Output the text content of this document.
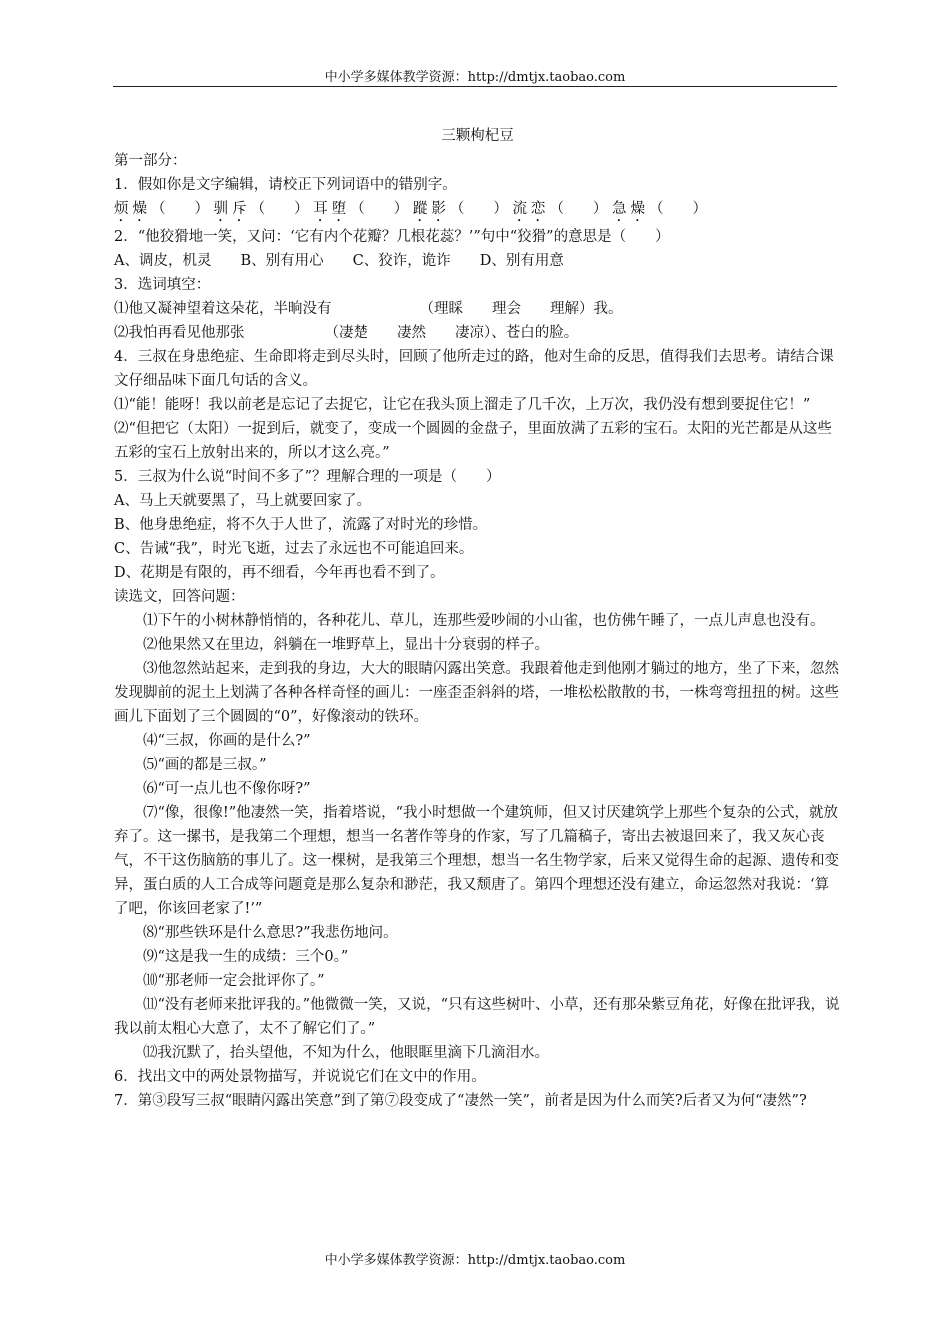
中小学多媒体教学资源：http://dmtjx.taobao.com
三颗枸杞豆
第一部分：
1．假如你是文字编辑，请校正下列词语中的错别字。
烦燥（　　） 驯斥（　　） 耳堕（　　） 蹤影（　　） 流恋（　　） 急燥（　　）
2．“他狡猾地一笑，又问：‘它有内个花瓣？几根花蕊？’”句中“狡猾”的意思是（　　）
A、调皮，机灵　　B、别有用心　　C、狡诈，诡诈　　D、别有用意
3．选词填空：
⑴他又凝神望着这朵花，半晌没有	（理睬　　理会　　理解）我。
⑵我怕再看见他那张	（凄楚　　凄然　　凄凉）、苍白的脸。
4．三叔在身患绝症、生命即将走到尽头时，回顾了他所走过的路，他对生命的反思，值得我们去思考。请结合课文仔细品味下面几句话的含义。
⑴“能！能呀！我以前老是忘记了去捉它，让它在我头顶上溜走了几千次，上万次，我仍没有想到要捉住它！”
⑵“但把它（太阳）一捉到后，就变了，变成一个圆圆的金盘子，里面放满了五彩的宝石。太阳的光芒都是从这些五彩的宝石上放射出来的，所以才这么亮。”
5．三叔为什么说“时间不多了”？理解合理的一项是（　　）
A、马上天就要黑了，马上就要回家了。
B、他身患绝症，将不久于人世了，流露了对时光的珍惜。
C、告诫“我”，时光飞逝，过去了永远也不可能追回来。
D、花期是有限的，再不细看，今年再也看不到了。
读选文，回答问题：
⑴下午的小树林静悄悄的，各种花儿、草儿，连那些爱吵闹的小山雀，也仿佛午睡了，一点儿声息也没有。
⑵他果然又在里边，斜躺在一堆野草上，显出十分衰弱的样子。
⑶他忽然站起来，走到我的身边，大大的眼睛闪露出笑意。我跟着他走到他刚才躺过的地方，坐了下来，忽然发现脚前的泥土上划满了各种各样奇怪的画儿：一座歪歪斜斜的塔，一堆松松散散的书，一株弯弯扭扭的树。这些画儿下面划了三个圆圆的“0”，好像滚动的铁环。
⑷“三叔，你画的是什么?”
⑸“画的都是三叔。”
⑹“可一点儿也不像你呀?”
⑺“像，很像!”他凄然一笑，指着塔说，“我小时想做一个建筑师，但又讨厌建筑学上那些个复杂的公式，就放弃了。这一摞书，是我第二个理想，想当一名著作等身的作家，写了几篇稿子，寄出去被退回来了，我又灰心丧气，不干这伤脑筋的事儿了。这一棵树，是我第三个理想，想当一名生物学家，后来又觉得生命的起源、遗传和变异，蛋白质的人工合成等问题竟是那么复杂和渺茫，我又颓唐了。第四个理想还没有建立，命运忽然对我说：‘算了吧，你该回老家了!’”
⑻“那些铁环是什么意思?”我悲伤地问。
⑼“这是我一生的成绩：三个0。”
⑽“那老师一定会批评你了。”
⑾“没有老师来批评我的。”他微微一笑，又说，“只有这些树叶、小草，还有那朵紫豆角花，好像在批评我，说我以前太粗心大意了，太不了解它们了。”
⑿我沉默了，抬头望他，不知为什么，他眼眶里滴下几滴泪水。
6．找出文中的两处景物描写，并说说它们在文中的作用。
7．第③段写三叔“眼睛闪露出笑意”到了第⑦段变成了“凄然一笑”，前者是因为什么而笑?后者又为何“凄然”?
中小学多媒体教学资源：http://dmtjx.taobao.com
